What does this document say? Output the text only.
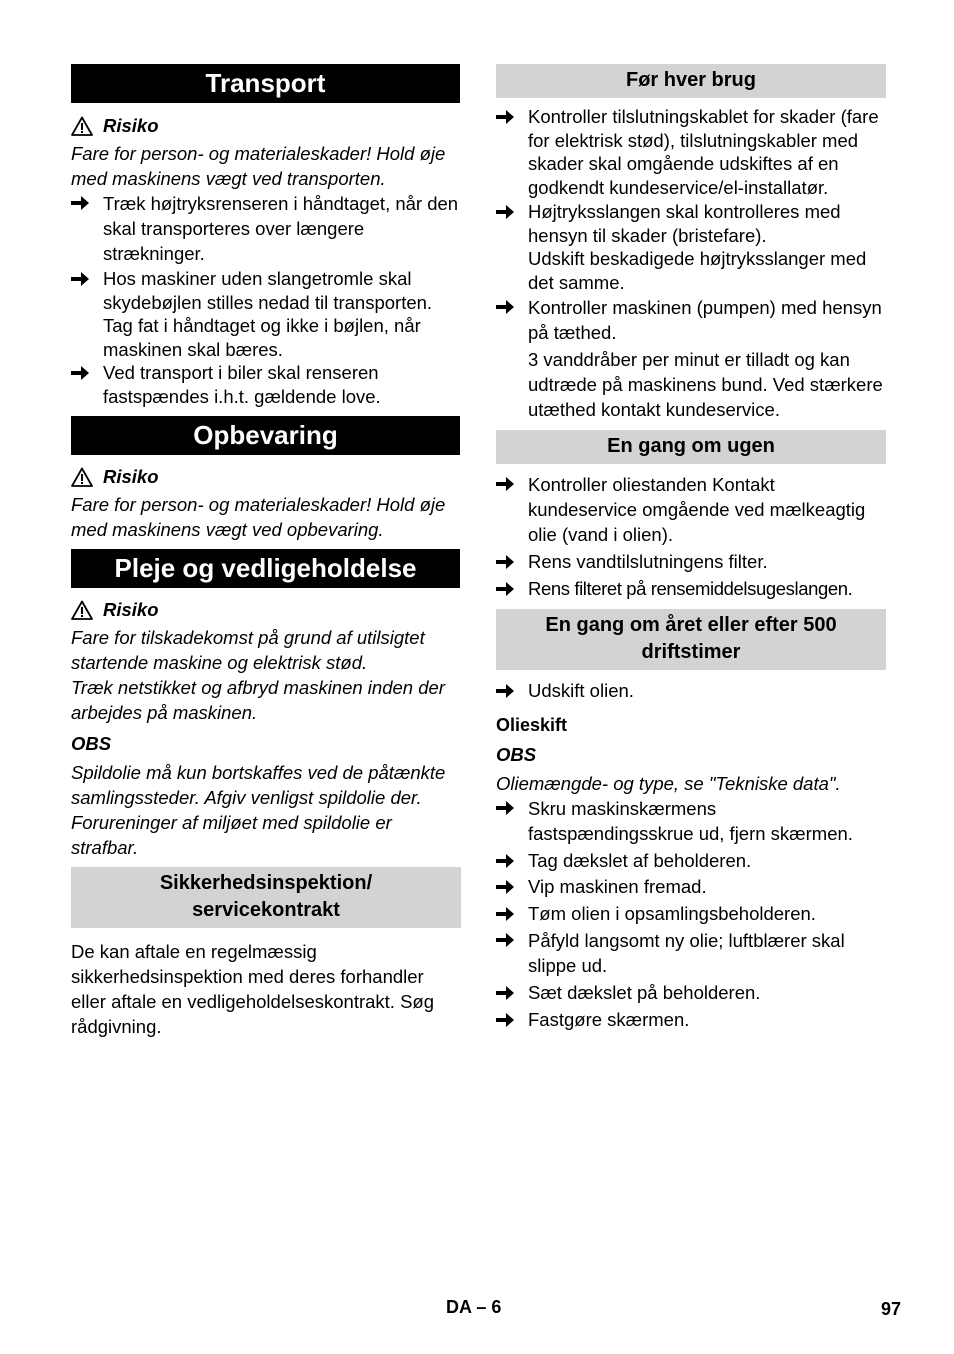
Transport
Risiko

Fare for person- og materialeskader! Hold øje med maskinens vægt ved transporten.

Træk højtryksrenseren i håndtaget, når den skal transporteres over længere strækninger.
Hos maskiner uden slangetromle skal skydebøjlen stilles nedad til transporten. Tag fat i håndtaget og ikke i bøjlen, når maskinen skal bæres.
Ved transport i biler skal renseren fastspændes i.h.t. gældende love.
Opbevaring
Risiko

Fare for person- og materialeskader! Hold øje med maskinens vægt ved opbevaring.

Pleje og vedligeholdelse
Risiko

Fare for tilskadekomst på grund af utilsigtet startende maskine og elektrisk stød.

Træk netstikket og afbryd maskinen inden der arbejdes på maskinen.

OBS

Spildolie må kun bortskaffes ved de påtænkte samlingssteder. Afgiv venligst spildolie der. Forureninger af miljøet med spildolie er strafbar.

Sikkerhedsinspektion/
servicekontrakt

De kan aftale en regelmæssig sikkerhedsinspektion med deres forhandler eller aftale en vedligeholdelseskontrakt. Søg rådgivning.

Før hver brug
Kontroller tilslutningskablet for skader (fare for elektrisk stød), tilslutningskabler med skader skal omgående udskiftes af en godkendt kundeservice/el-installatør.
Højtryksslangen skal kontrolleres med hensyn til skader (bristefare).
Udskift beskadigede højtryksslanger med det samme.
Kontroller maskinen (pumpen) med hensyn på tæthed.
3 vanddråber per minut er tilladt og kan udtræde på maskinens bund. Ved stærkere utæthed kontakt kundeservice.
En gang om ugen
Kontroller oliestanden Kontakt kundeservice omgående ved mælkeagtig olie (vand i olien).
Rens vandtilslutningens filter.
Rens filteret på rensemiddelsugeslangen.
En gang om året eller efter 500
driftstimer
Udskift olien.

Olieskift

OBS

Oliemængde- og type, se "Tekniske data".

Skru maskinskærmens fastspændingsskrue ud, fjern skærmen.
Tag dækslet af beholderen.
Vip maskinen fremad.
Tøm olien i opsamlingsbeholderen.
Påfyld langsomt ny olie; luftblærer skal slippe ud.
Sæt dækslet på beholderen.
Fastgøre skærmen.
DA – 6	97
